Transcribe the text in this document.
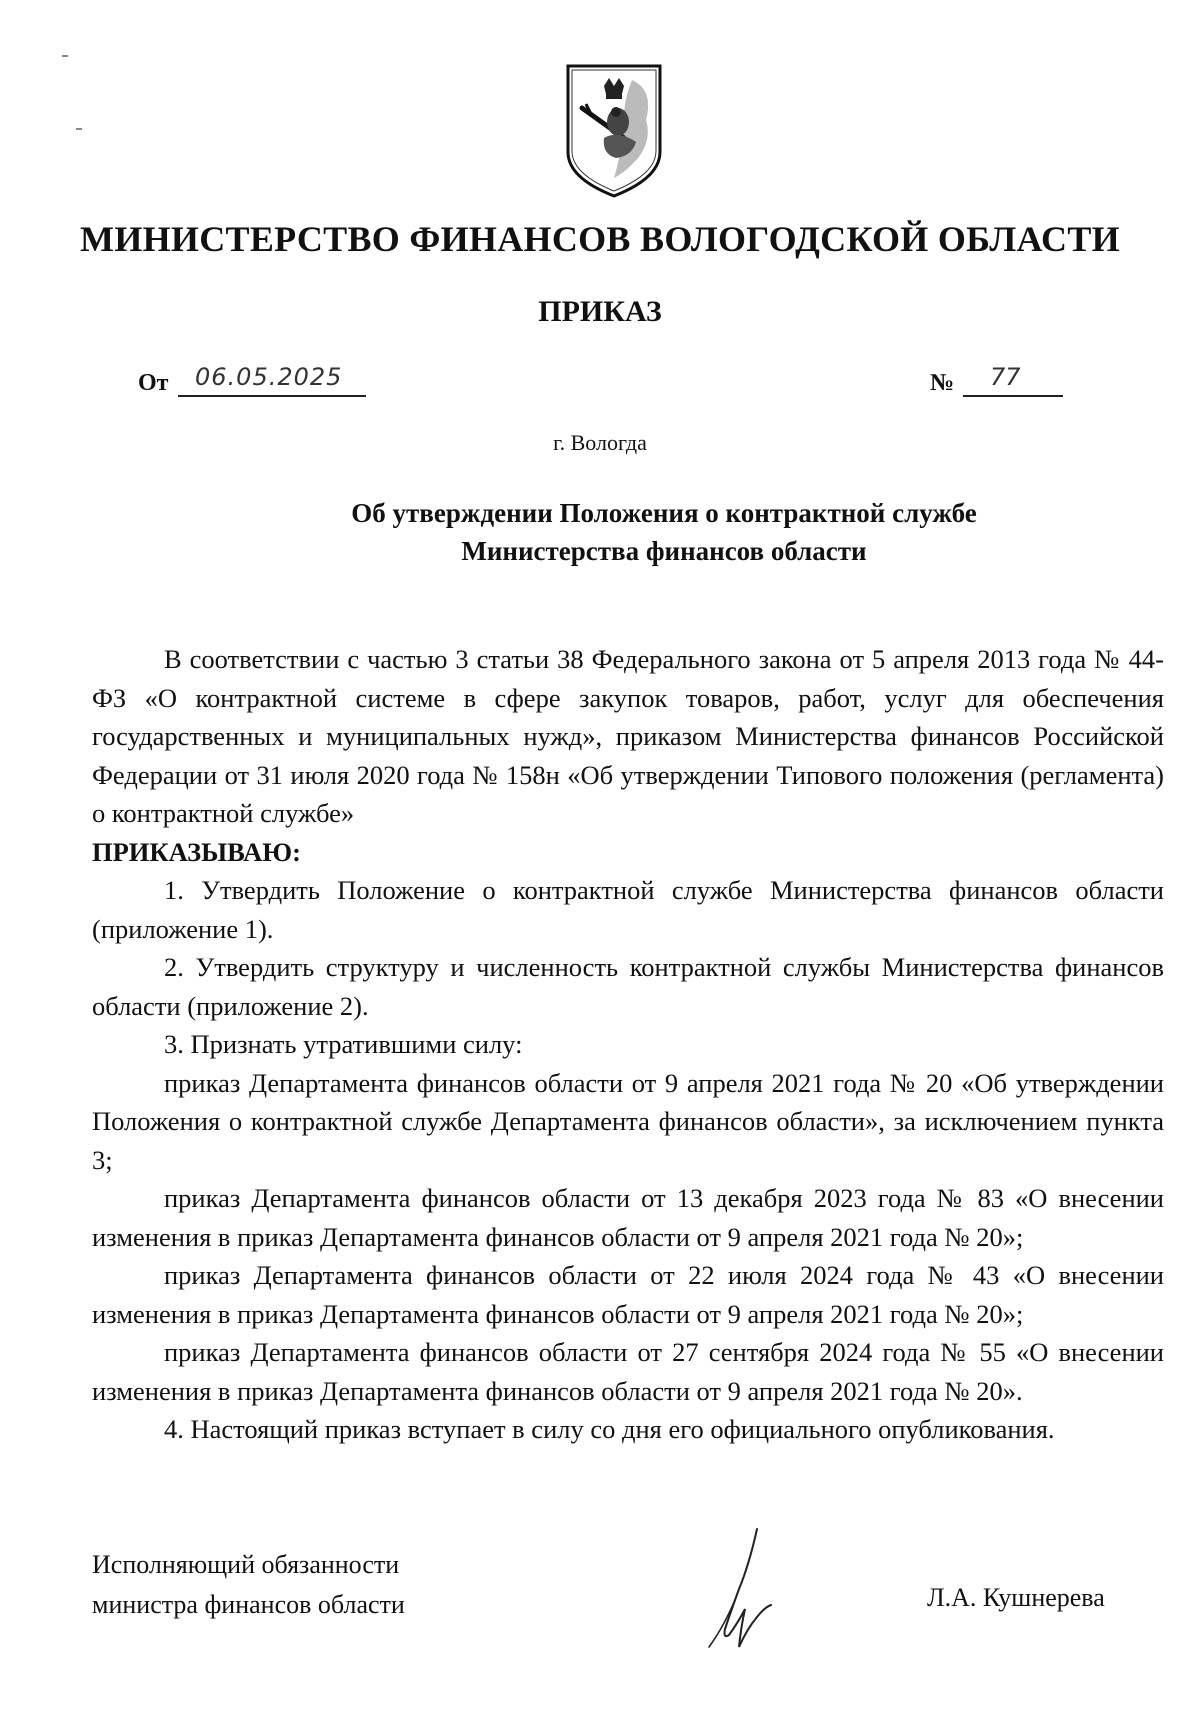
МИНИСТЕРСТВО ФИНАНСОВ ВОЛОГОДСКОЙ ОБЛАСТИ
ПРИКАЗ
От 06.05.2025	№ 77
г. Вологда
Об утверждении Положения о контрактной службе
Министерства финансов области

В соответствии с частью 3 статьи 38 Федерального закона от 5 апреля 2013 года № 44-ФЗ «О контрактной системе в сфере закупок товаров, работ, услуг для обеспечения государственных и муниципальных нужд», приказом Министерства финансов Российской Федерации от 31 июля 2020 года № 158н «Об утверждении Типового положения (регламента) о контрактной службе»

ПРИКАЗЫВАЮ:

1. Утвердить Положение о контрактной службе Министерства финансов области (приложение 1).

2. Утвердить структуру и численность контрактной службы Министерства финансов области (приложение 2).

3. Признать утратившими силу:

приказ Департамента финансов области от 9 апреля 2021 года № 20 «Об утверждении Положения о контрактной службе Департамента финансов области», за исключением пункта 3;

приказ Департамента финансов области от 13 декабря 2023 года № 83 «О внесении изменения в приказ Департамента финансов области от 9 апреля 2021 года № 20»;

приказ Департамента финансов области от 22 июля 2024 года № 43 «О внесении изменения в приказ Департамента финансов области от 9 апреля 2021 года № 20»;

приказ Департамента финансов области от 27 сентября 2024 года № 55 «О внесении изменения в приказ Департамента финансов области от 9 апреля 2021 года № 20».

4. Настоящий приказ вступает в силу со дня его официального опубликования.

Исполняющий обязанности
министра финансов области	Л.А. Кушнерева
